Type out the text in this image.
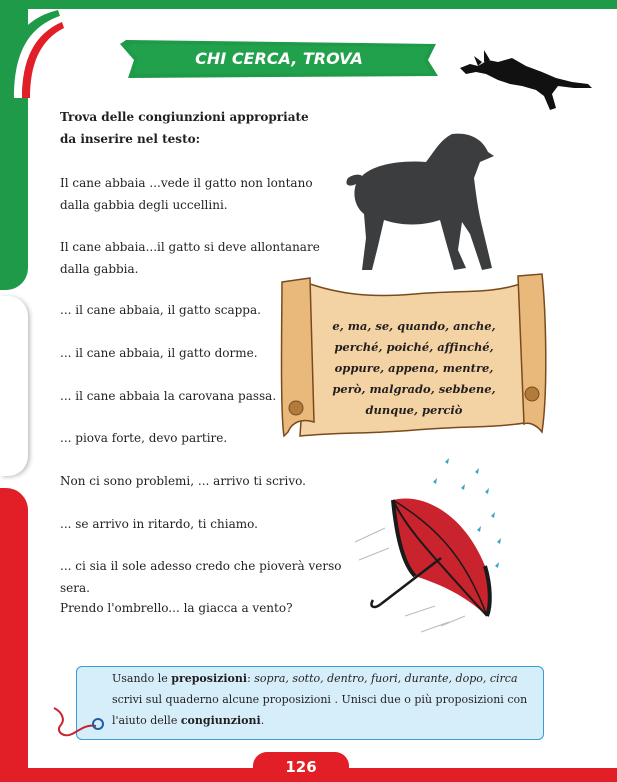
CHI CERCA, TROVA
e, ma, se, quando, anche,
perché, poiché, affinché,
oppure, appena, mentre,
però, malgrado, sebbene,
dunque, perciò
Trova delle congiunzioni appropriate da inserire nel testo:
Il cane abbaia ...vede il gatto non lontano dalla gabbia degli uccellini.
Il cane abbaia...il gatto si deve allontanare dalla gabbia.
... il cane abbaia, il gatto scappa.
... il cane abbaia, il gatto dorme.
... il cane abbaia la carovana passa.
... piova forte, devo partire.
Non ci sono problemi, ... arrivo ti scrivo.
... se arrivo in ritardo, ti chiamo.
... ci sia il sole adesso credo che pioverà verso sera.
Prendo l'ombrello... la giacca a vento?
Usando le preposizioni: sopra, sotto, dentro, fuori, durante, dopo, circa scrivi sul quaderno alcune proposizioni . Unisci due o più proposizioni con l'aiuto delle congiunzioni.
126
